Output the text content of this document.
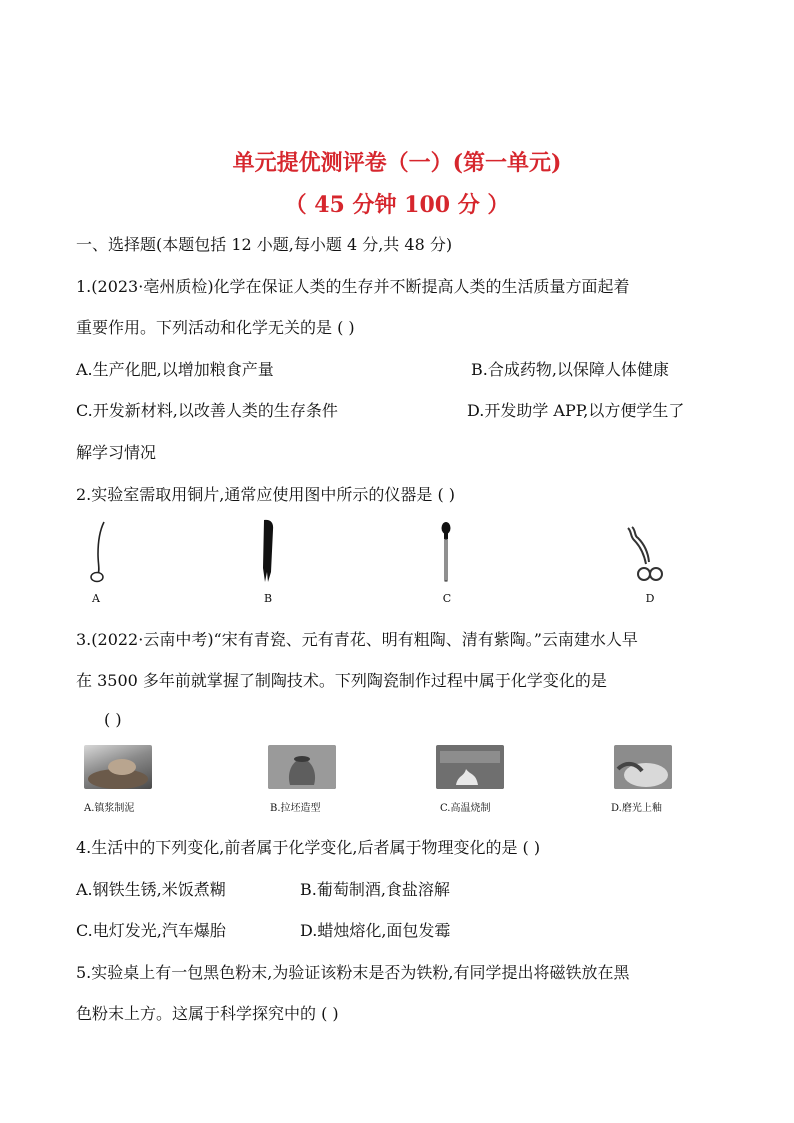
单元提优测评卷（一）(第一单元)
（ 45 分钟 100 分 ）
一、选择题(本题包括 12 小题,每小题 4 分,共 48 分)
1.(2023·亳州质检)化学在保证人类的生存并不断提高人类的生活质量方面起着
重要作用。下列活动和化学无关的是 ( )
A.生产化肥,以增加粮食产量	B.合成药物,以保障人体健康
C.开发新材料,以改善人类的生存条件	D.开发助学 APP,以方便学生了
解学习情况
2.实验室需取用铜片,通常应使用图中所示的仪器是 ( )
A	B	C	D
3.(2022·云南中考)“宋有青瓷、元有青花、明有粗陶、清有紫陶。”云南建水人早
在 3500 多年前就掌握了制陶技术。下列陶瓷制作过程中属于化学变化的是
( )
A.镇浆制泥	B.拉坯造型	C.高温烧制	D.磨光上釉
4.生活中的下列变化,前者属于化学变化,后者属于物理变化的是 ( )
A.钢铁生锈,米饭煮糊	B.葡萄制酒,食盐溶解
C.电灯发光,汽车爆胎	D.蜡烛熔化,面包发霉
5.实验桌上有一包黑色粉末,为验证该粉末是否为铁粉,有同学提出将磁铁放在黑
色粉末上方。这属于科学探究中的 ( )
